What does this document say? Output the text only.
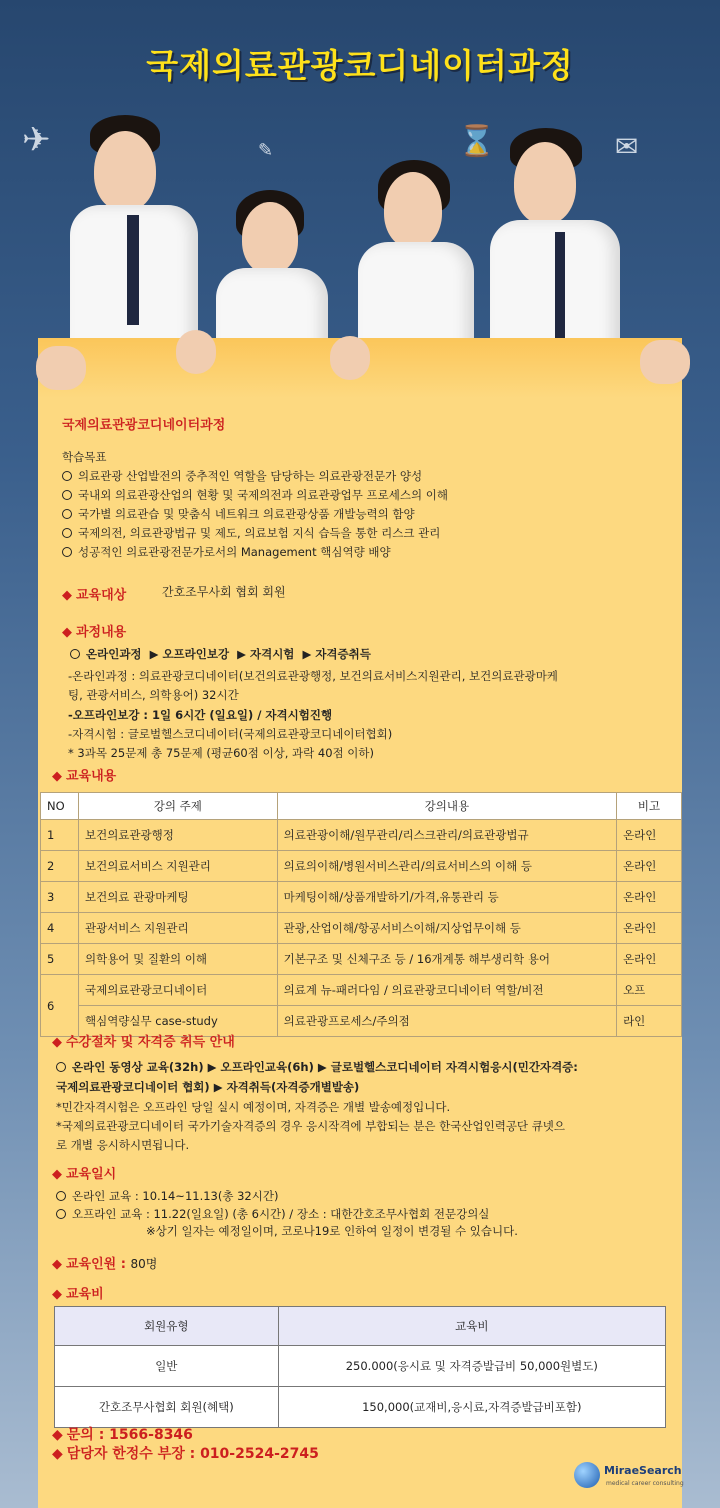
국제의료관광코디네이터과정
✈	✎	⌛	✉
국제의료관광코디네이터과정
학습목표
의료관광 산업발전의 중추적인 역할을 담당하는 의료관광전문가 양성
국내외 의료관광산업의 현황 및 국제의전과 의료관광업무 프로세스의 이해
국가별 의료관습 및 맞춤식 네트워크 의료관광상품 개발능력의 함양
국제의전, 의료관광법규 및 제도, 의료보험 지식 습득을 통한 리스크 관리
성공적인 의료관광전문가로서의 Management 핵심역량 배양
◆ 교육대상	간호조무사회 협회 회원
◆ 과정내용
온라인과정 ▶ 오프라인보강 ▶ 자격시험 ▶ 자격증취득
-온라인과정 : 의료관광코디네이터(보건의료관광행정, 보건의료서비스지원관리, 보건의료관광마케
팅, 관광서비스, 의학용어) 32시간
-오프라인보강 : 1일 6시간 (일요일) / 자격시험진행
-자격시험 : 글로벌헬스코디네이터(국제의료관광코디네이터협회)
* 3과목 25문제 총 75문제 (평균60점 이상, 과락 40점 이하)
◆ 교육내용
NO	강의 주제	강의내용	비고
1	보건의료관광행정	의료관광이해/원무관리/리스크관리/의료관광법규	온라인
2	보건의료서비스 지원관리	의료의이해/병원서비스관리/의료서비스의 이해 등	온라인
3	보건의료 관광마케팅	마케팅이해/상품개발하기/가격,유통관리 등	온라인
4	관광서비스 지원관리	관광,산업이해/항공서비스이해/지상업무이해 등	온라인
5	의학용어 및 질환의 이해	기본구조 및 신체구조 등 / 16개계통 해부생리학 용어	온라인
6	국제의료관광코디네이터	의료계 뉴-패러다임 / 의료관광코디네이터 역할/비전	오프
	핵심역량실무 case-study	의료관광프로세스/주의점	라인
◆ 수강절차 및 자격증 취득 안내
온라인 동영상 교육(32h) ▶ 오프라인교육(6h) ▶ 글로벌헬스코디네이터 자격시험응시(민간자격증:
국제의료관광코디네이터 협회) ▶ 자격취득(자격증개별발송)
*민간자격시험은 오프라인 당일 실시 예정이며, 자격증은 개별 발송예정입니다.
*국제의료관광코디네이터 국가기술자격증의 경우 응시작격에 부합되는 분은 한국산업인력공단 큐넷으
로 개별 응시하시면됩니다.
◆ 교육일시
온라인 교육 : 10.14~11.13(총 32시간)
오프라인 교육 : 11.22(일요일) (총 6시간) / 장소 : 대한간호조무사협회 전문강의실
※상기 일자는 예정일이며, 코로나19로 인하여 일정이 변경될 수 있습니다.
◆ 교육인원 : 80명
◆ 교육비
회원유형	교육비
일반	250.000(응시료 및 자격증발급비 50,000원별도)
간호조무사협회 회원(혜택)	150,000(교재비,응시료,자격증발급비포함)
◆ 문의 : 1566-8346
◆ 담당자 한정수 부장 : 010-2524-2745
MiraeSearch
medical career consulting
